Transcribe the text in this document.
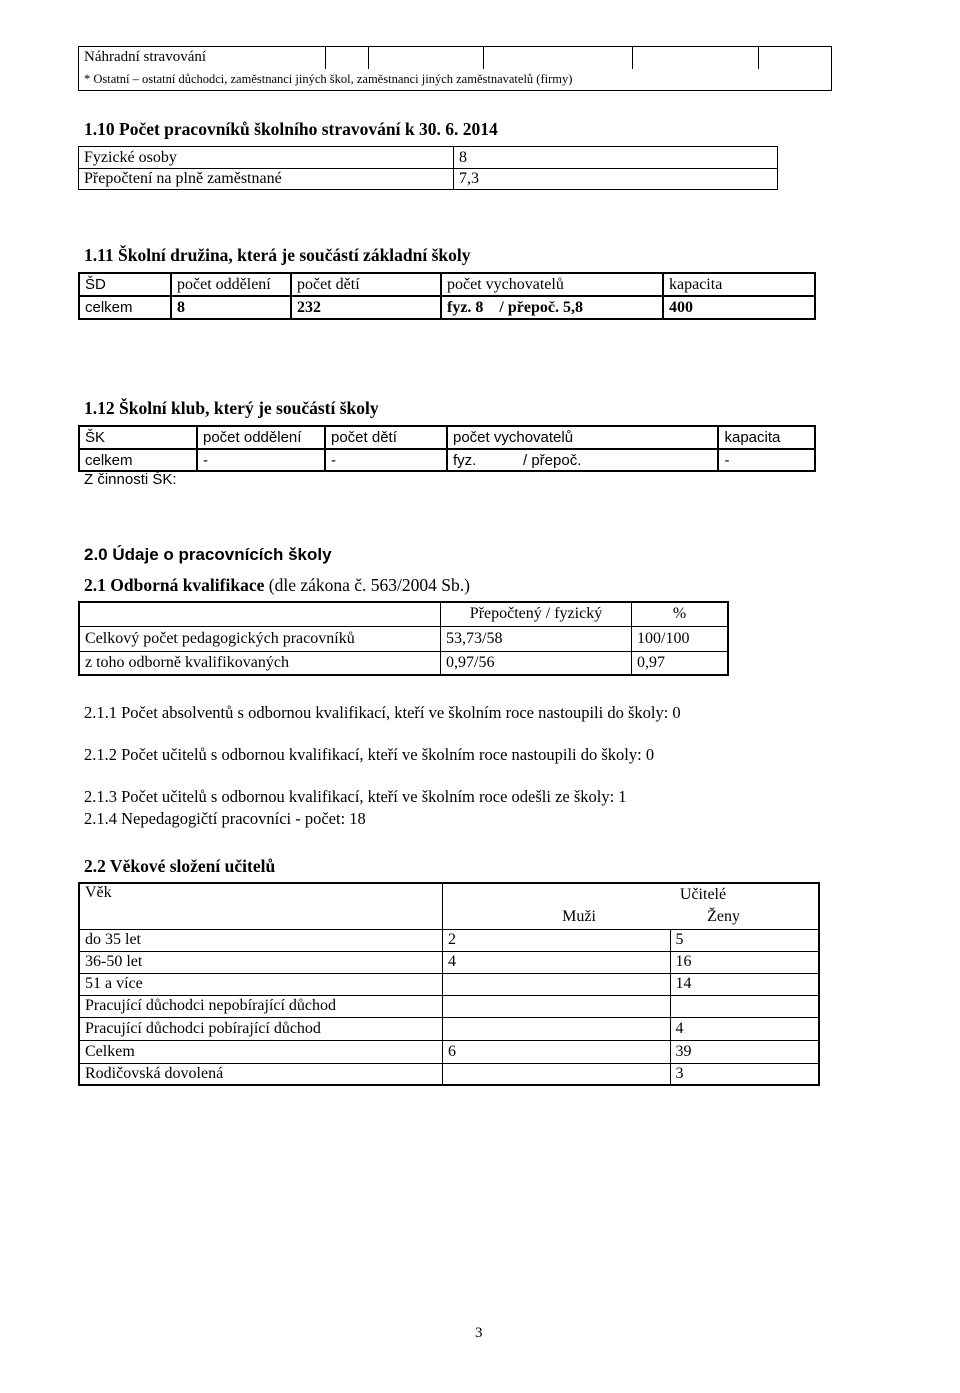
Náhradní stravování					
* Ostatní – ostatní důchodci, zaměstnanci jiných škol, zaměstnanci jiných zaměstnavatelů (firmy)
1.10 Počet pracovníků školního stravování k 30. 6. 2014
Fyzické osoby	8
Přepočtení na plně zaměstnané	7,3
1.11 Školní družina, která je součástí základní školy
ŠD	počet oddělení	počet dětí	počet vychovatelů	kapacita
celkem	8	232	fyz. 8    / přepoč. 5,8	400
1.12 Školní klub, který je součástí školy
ŠK	počet oddělení	počet dětí	počet vychovatelů		kapacita
celkem	-	-	fyz.	/ přepoč.	-
Z činnosti ŠK:
2.0 Údaje o pracovnících školy
2.1 Odborná kvalifikace (dle zákona č. 563/2004 Sb.)
	Přepočtený / fyzický	%
Celkový počet pedagogických pracovníků	53,73/58	100/100
z toho odborně kvalifikovaných	0,97/56	0,97
2.1.1 Počet absolventů s odbornou kvalifikací, kteří ve školním roce nastoupili do školy: 0
2.1.2 Počet učitelů s odbornou kvalifikací, kteří ve školním roce nastoupili do školy: 0
2.1.3 Počet učitelů s odbornou kvalifikací, kteří ve školním roce odešli ze školy: 1
2.1.4 Nepedagogičtí pracovníci - počet: 18
2.2 Věkové složení učitelů
Věk	Učitelé	
	Muži	Ženy
do 35 let	2	5
36-50 let	4	16
51 a více		14
Pracující důchodci nepobírající důchod		
Pracující důchodci pobírající důchod		4
Celkem	6	39
Rodičovská dovolená		3
3
